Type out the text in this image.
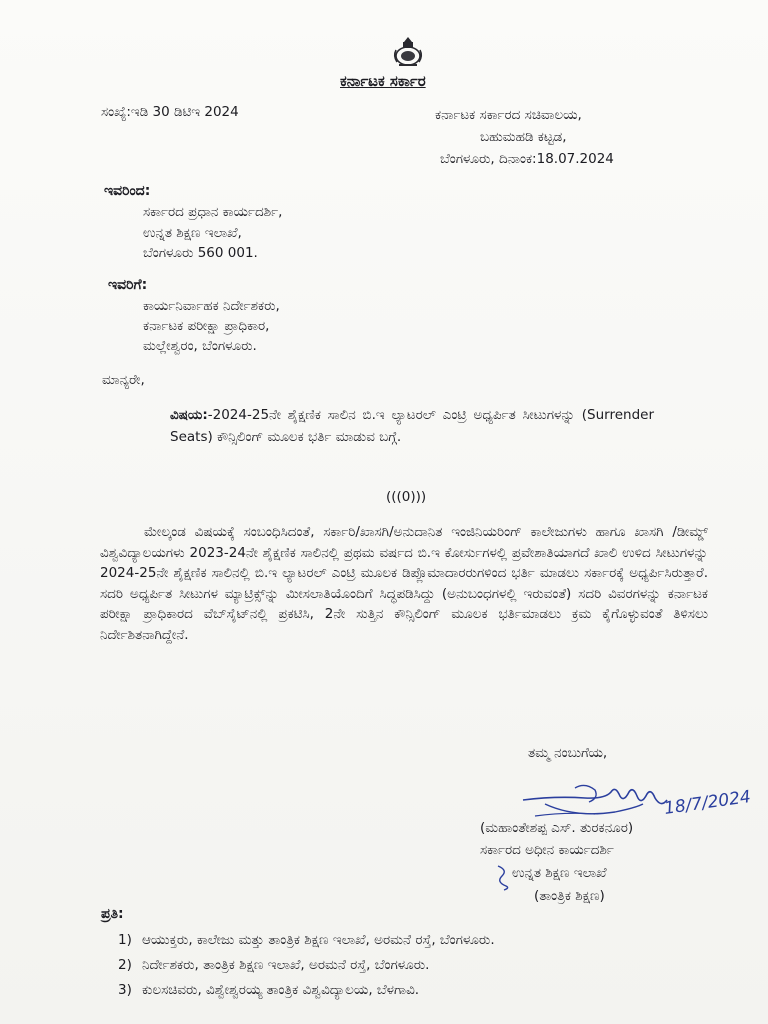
ಕರ್ನಾಟಕ ಸರ್ಕಾರ
ಸಂಖ್ಯೆ:ಇಡಿ 30 ಡಿಟಿಇ 2024	ಕರ್ನಾಟಕ ಸರ್ಕಾರದ ಸಚಿವಾಲಯ,
ಬಹುಮಹಡಿ ಕಟ್ಟಡ,
ಬೆಂಗಳೂರು, ದಿನಾಂಕ:18.07.2024
ಇವರಿಂದ:
ಸರ್ಕಾರದ ಪ್ರಧಾನ ಕಾರ್ಯದರ್ಶಿ,
ಉನ್ನತ ಶಿಕ್ಷಣ ಇಲಾಖೆ,
ಬೆಂಗಳೂರು 560 001.
ಇವರಿಗೆ:
ಕಾರ್ಯನಿರ್ವಾಹಕ ನಿರ್ದೇಶಕರು,
ಕರ್ನಾಟಕ ಪರೀಕ್ಷಾ ಪ್ರಾಧಿಕಾರ,
ಮಲ್ಲೇಶ್ವರಂ, ಬೆಂಗಳೂರು.
ಮಾನ್ಯರೇ,
ವಿಷಯ:-2024-25ನೇ ಶೈಕ್ಷಣಿಕ ಸಾಲಿನ ಬಿ.ಇ ಲ್ಯಾಟರಲ್ ಎಂಟ್ರಿ ಅಧ್ಯರ್ಪಿತ ಸೀಟುಗಳನ್ನು (Surrender Seats) ಕೌನ್ಸಿಲಿಂಗ್ ಮೂಲಕ ಭರ್ತಿ ಮಾಡುವ ಬಗ್ಗೆ.
(((0)))
ಮೇಲ್ಕಂಡ ವಿಷಯಕ್ಕೆ ಸಂಬಂಧಿಸಿದಂತೆ, ಸರ್ಕಾರಿ/ಖಾಸಗಿ/ಅನುದಾನಿತ ಇಂಜಿನಿಯರಿಂಗ್ ಕಾಲೇಜುಗಳು ಹಾಗೂ ಖಾಸಗಿ /ಡೀಮ್ಡ್ ವಿಶ್ವವಿದ್ಯಾಲಯಗಳು 2023-24ನೇ ಶೈಕ್ಷಣಿಕ ಸಾಲಿನಲ್ಲಿ ಪ್ರಥಮ ವರ್ಷದ ಬಿ.ಇ ಕೋರ್ಸುಗಳಲ್ಲಿ ಪ್ರವೇಶಾತಿಯಾಗದೆ ಖಾಲಿ ಉಳಿದ ಸೀಟುಗಳನ್ನು 2024-25ನೇ ಶೈಕ್ಷಣಿಕ ಸಾಲಿನಲ್ಲಿ ಬಿ.ಇ ಲ್ಯಾಟರಲ್ ಎಂಟ್ರಿ ಮೂಲಕ ಡಿಪ್ಲೊಮಾದಾರರುಗಳಿಂದ ಭರ್ತಿ ಮಾಡಲು ಸರ್ಕಾರಕ್ಕೆ ಅಧ್ಯರ್ಪಿಸಿರುತ್ತಾರೆ. ಸದರಿ ಅಧ್ಯರ್ಪಿತ ಸೀಟುಗಳ ಮ್ಯಾಟ್ರಿಕ್ಸ್‌ನ್ನು ಮೀಸಲಾತಿಯೊಂದಿಗೆ ಸಿದ್ಧಪಡಿಸಿದ್ದು (ಅನುಬಂಧಗಳಲ್ಲಿ ಇರುವಂತೆ) ಸದರಿ ವಿವರಗಳನ್ನು ಕರ್ನಾಟಕ ಪರೀಕ್ಷಾ ಪ್ರಾಧಿಕಾರದ ವೆಬ್‌ಸೈಟ್‌ನಲ್ಲಿ ಪ್ರಕಟಿಸಿ, 2ನೇ ಸುತ್ತಿನ ಕೌನ್ಸಿಲಿಂಗ್ ಮೂಲಕ ಭರ್ತಿಮಾಡಲು ಕ್ರಮ ಕೈಗೊಳ್ಳುವಂತೆ ತಿಳಿಸಲು ನಿರ್ದೇಶಿತನಾಗಿದ್ದೇನೆ.
ತಮ್ಮ ನಂಬುಗೆಯ,
18/7/2024
(ಮಹಾಂತೇಶಪ್ಪ ಎಸ್. ತುರಕನೂರ)
ಸರ್ಕಾರದ ಅಧೀನ ಕಾರ್ಯದರ್ಶಿ
ಉನ್ನತ ಶಿಕ್ಷಣ ಇಲಾಖೆ
(ತಾಂತ್ರಿಕ ಶಿಕ್ಷಣ)
ಪ್ರತಿ:
1) ಆಯುಕ್ತರು, ಕಾಲೇಜು ಮತ್ತು ತಾಂತ್ರಿಕ ಶಿಕ್ಷಣ ಇಲಾಖೆ, ಅರಮನೆ ರಸ್ತೆ, ಬೆಂಗಳೂರು.
2) ನಿರ್ದೇಶಕರು, ತಾಂತ್ರಿಕ ಶಿಕ್ಷಣ ಇಲಾಖೆ, ಅರಮನೆ ರಸ್ತೆ, ಬೆಂಗಳೂರು.
3) ಕುಲಸಚಿವರು, ವಿಶ್ವೇಶ್ವರಯ್ಯ ತಾಂತ್ರಿಕ ವಿಶ್ವವಿದ್ಯಾಲಯ, ಬೆಳಗಾವಿ.
